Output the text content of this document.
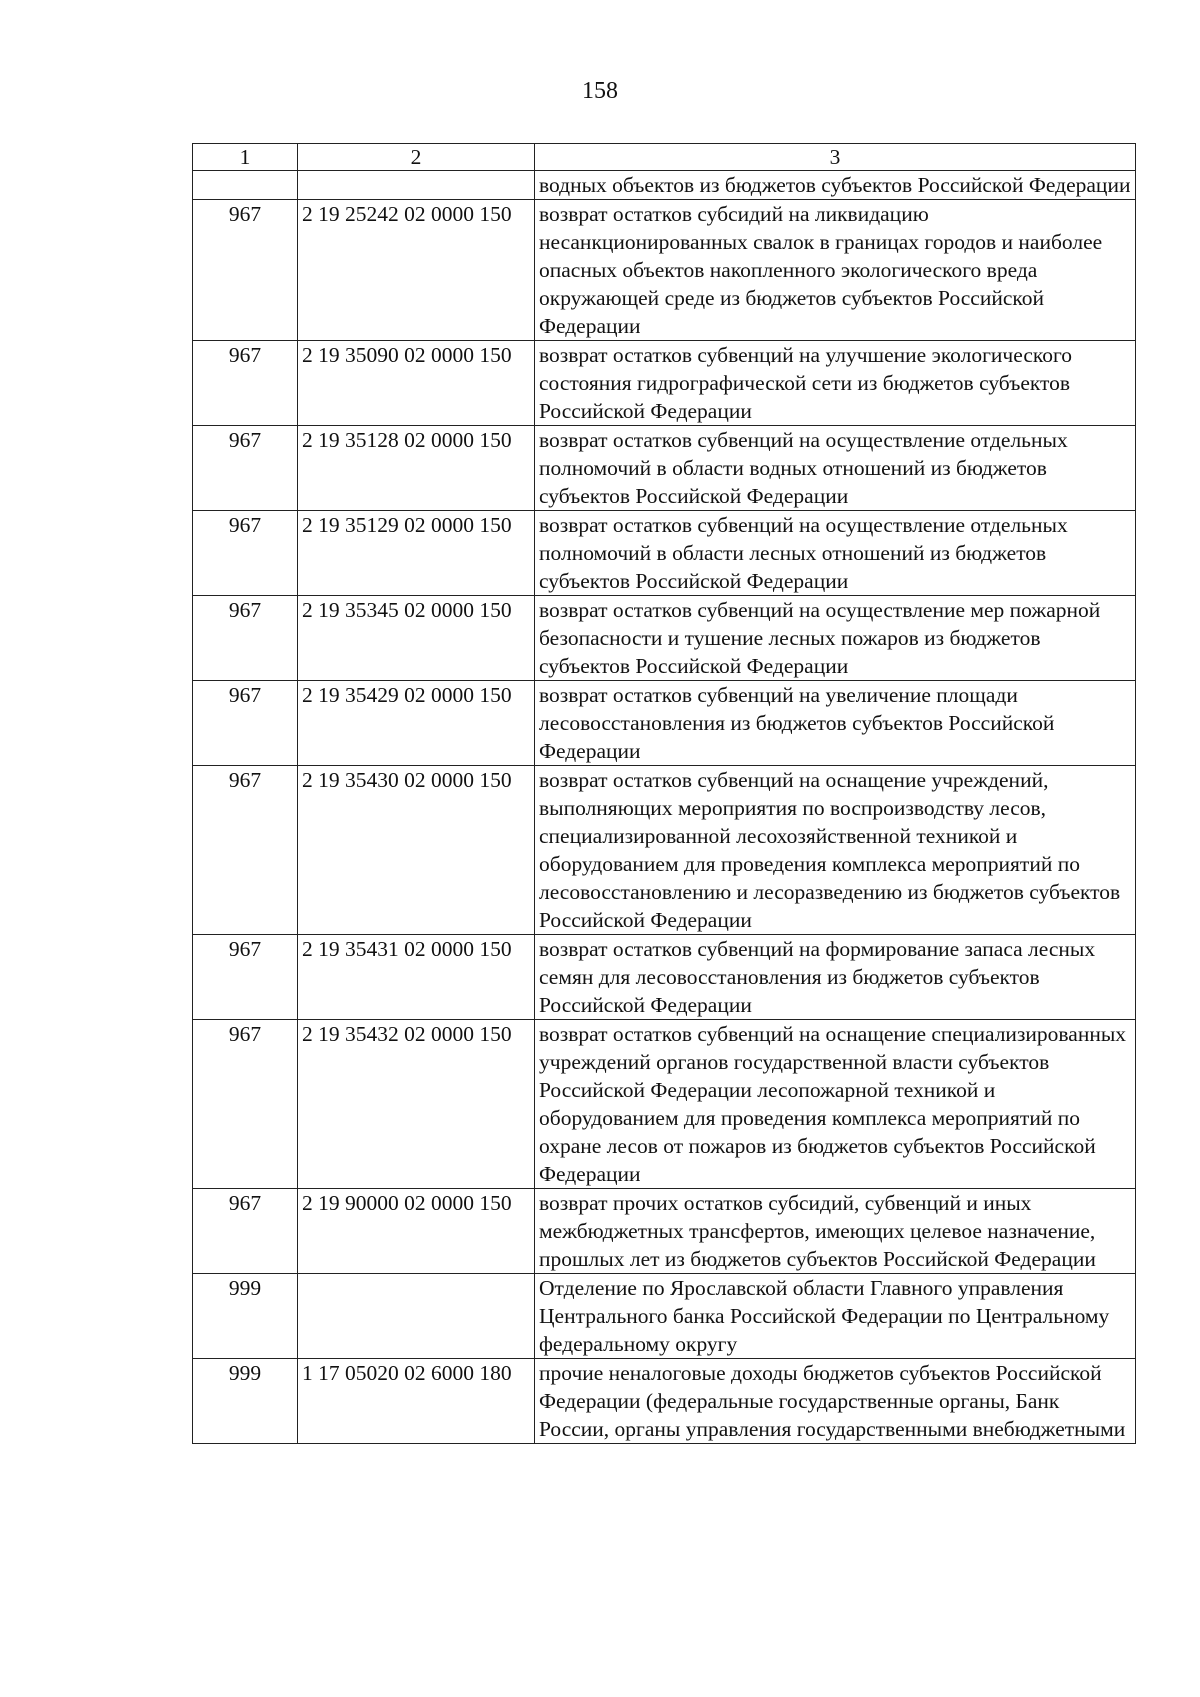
158
1	2	3
		водных объектов из бюджетов субъектов Российской Федерации
967	2 19 25242 02 0000 150	возврат остатков субсидий на ликвидацию несанкционированных свалок в границах городов и наиболее опасных объектов накопленного экологического вреда окружающей среде из бюджетов субъектов Российской Федерации
967	2 19 35090 02 0000 150	возврат остатков субвенций на улучшение экологического состояния гидрографической сети из бюджетов субъектов Российской Федерации
967	2 19 35128 02 0000 150	возврат остатков субвенций на осуществление отдельных полномочий в области водных отношений из бюджетов субъектов Российской Федерации
967	2 19 35129 02 0000 150	возврат остатков субвенций на осуществление отдельных полномочий в области лесных отношений из бюджетов субъектов Российской Федерации
967	2 19 35345 02 0000 150	возврат остатков субвенций на осуществление мер пожарной безопасности и тушение лесных пожаров из бюджетов субъектов Российской Федерации
967	2 19 35429 02 0000 150	возврат остатков субвенций на увеличение площади лесовосстановления из бюджетов субъектов Российской Федерации
967	2 19 35430 02 0000 150	возврат остатков субвенций на оснащение учреждений, выполняющих мероприятия по воспроизводству лесов, специализированной лесохозяйственной техникой и оборудованием для проведения комплекса мероприятий по лесовосстановлению и лесоразведению из бюджетов субъектов Российской Федерации
967	2 19 35431 02 0000 150	возврат остатков субвенций на формирование запаса лесных семян для лесовосстановления из бюджетов субъектов Российской Федерации
967	2 19 35432 02 0000 150	возврат остатков субвенций на оснащение специализированных учреждений органов государственной власти субъектов Российской Федерации лесопожарной техникой и оборудованием для проведения комплекса мероприятий по охране лесов от пожаров из бюджетов субъектов Российской Федерации
967	2 19 90000 02 0000 150	возврат прочих остатков субсидий, субвенций и иных межбюджетных трансфертов, имеющих целевое назначение, прошлых лет из бюджетов субъектов Российской Федерации
999		Отделение по Ярославской области Главного управления Центрального банка Российской Федерации по Центральному федеральному округу
999	1 17 05020 02 6000 180	прочие неналоговые доходы бюджетов субъектов Российской Федерации (федеральные государственные органы, Банк России, органы управления государственными внебюджетными
